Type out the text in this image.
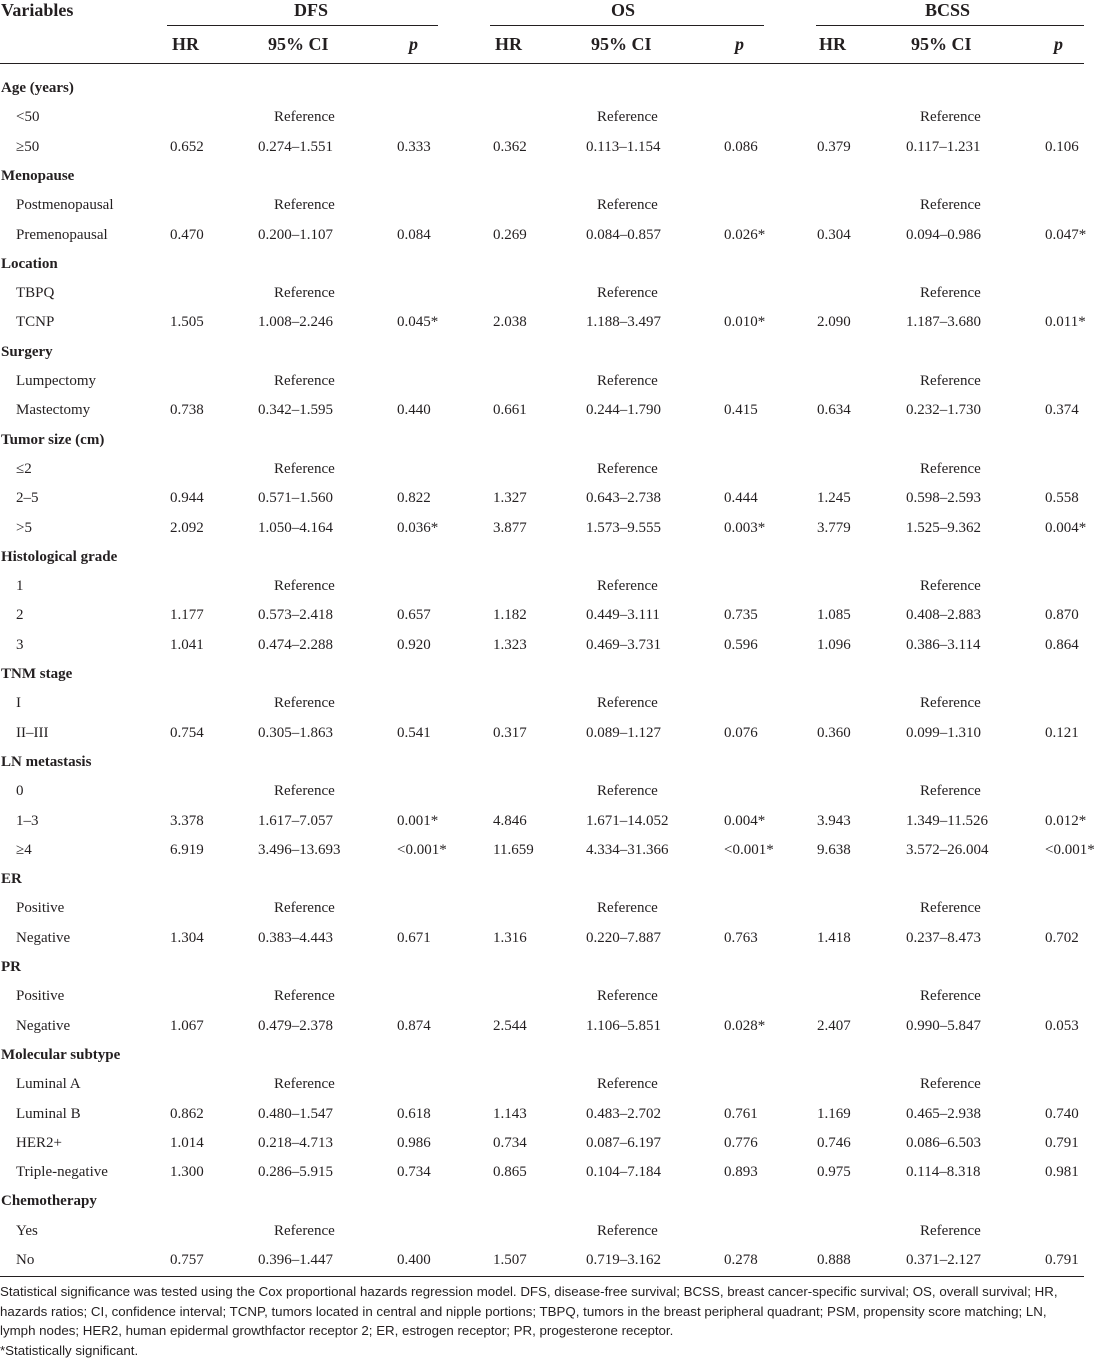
Variables	DFS	OS	BCSS
HR	95% CI	p	HR	95% CI	p	HR	95% CI	p
Age (years)
<50	Reference	Reference	Reference
≥50	0.652	0.274–1.551	0.333	0.362	0.113–1.154	0.086	0.379	0.117–1.231	0.106
Menopause
Postmenopausal	Reference	Reference	Reference
Premenopausal	0.470	0.200–1.107	0.084	0.269	0.084–0.857	0.026*	0.304	0.094–0.986	0.047*
Location
TBPQ	Reference	Reference	Reference
TCNP	1.505	1.008–2.246	0.045*	2.038	1.188–3.497	0.010*	2.090	1.187–3.680	0.011*
Surgery
Lumpectomy	Reference	Reference	Reference
Mastectomy	0.738	0.342–1.595	0.440	0.661	0.244–1.790	0.415	0.634	0.232–1.730	0.374
Tumor size (cm)
≤2	Reference	Reference	Reference
2–5	0.944	0.571–1.560	0.822	1.327	0.643–2.738	0.444	1.245	0.598–2.593	0.558
>5	2.092	1.050–4.164	0.036*	3.877	1.573–9.555	0.003*	3.779	1.525–9.362	0.004*
Histological grade
1	Reference	Reference	Reference
2	1.177	0.573–2.418	0.657	1.182	0.449–3.111	0.735	1.085	0.408–2.883	0.870
3	1.041	0.474–2.288	0.920	1.323	0.469–3.731	0.596	1.096	0.386–3.114	0.864
TNM stage
I	Reference	Reference	Reference
II–III	0.754	0.305–1.863	0.541	0.317	0.089–1.127	0.076	0.360	0.099–1.310	0.121
LN metastasis
0	Reference	Reference	Reference
1–3	3.378	1.617–7.057	0.001*	4.846	1.671–14.052	0.004*	3.943	1.349–11.526	0.012*
≥4	6.919	3.496–13.693	<0.001*	11.659	4.334–31.366	<0.001*	9.638	3.572–26.004	<0.001*
ER
Positive	Reference	Reference	Reference
Negative	1.304	0.383–4.443	0.671	1.316	0.220–7.887	0.763	1.418	0.237–8.473	0.702
PR
Positive	Reference	Reference	Reference
Negative	1.067	0.479–2.378	0.874	2.544	1.106–5.851	0.028*	2.407	0.990–5.847	0.053
Molecular subtype
Luminal A	Reference	Reference	Reference
Luminal B	0.862	0.480–1.547	0.618	1.143	0.483–2.702	0.761	1.169	0.465–2.938	0.740
HER2+	1.014	0.218–4.713	0.986	0.734	0.087–6.197	0.776	0.746	0.086–6.503	0.791
Triple-negative	1.300	0.286–5.915	0.734	0.865	0.104–7.184	0.893	0.975	0.114–8.318	0.981
Chemotherapy
Yes	Reference	Reference	Reference
No	0.757	0.396–1.447	0.400	1.507	0.719–3.162	0.278	0.888	0.371–2.127	0.791

Statistical significance was tested using the Cox proportional hazards regression model. DFS, disease-free survival; BCSS, breast cancer-specific survival; OS, overall survival; HR, hazards ratios; CI, confidence interval; TCNP, tumors located in central and nipple portions; TBPQ, tumors in the breast peripheral quadrant; PSM, propensity score matching; LN, lymph nodes; HER2, human epidermal growthfactor receptor 2; ER, estrogen receptor; PR, progesterone receptor.

*Statistically significant.
